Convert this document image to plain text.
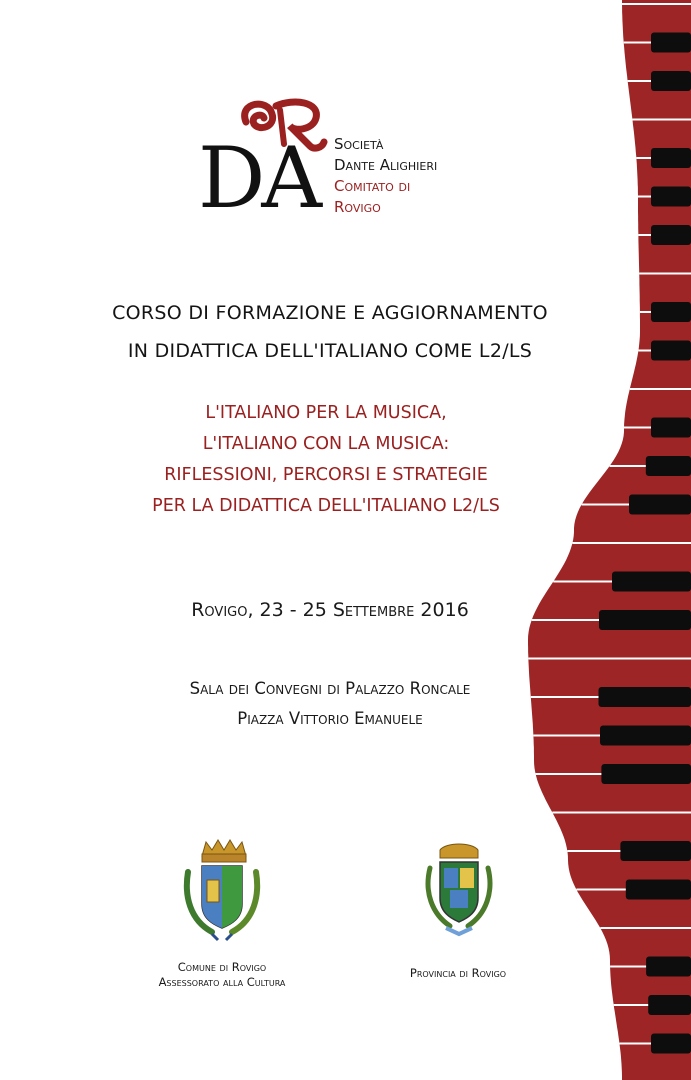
DA Società
Dante Alighieri
Comitato di
Rovigo
CORSO DI FORMAZIONE E AGGIORNAMENTO
IN DIDATTICA DELL'ITALIANO COME L2/LS
L'ITALIANO PER LA MUSICA,
L'ITALIANO CON LA MUSICA:
RIFLESSIONI, PERCORSI E STRATEGIE
PER LA DIDATTICA DELL'ITALIANO L2/LS
Rovigo, 23 - 25 Settembre 2016
Sala dei Convegni di Palazzo Roncale
Piazza Vittorio Emanuele
Comune di Rovigo
Assessorato alla Cultura
Provincia di Rovigo
